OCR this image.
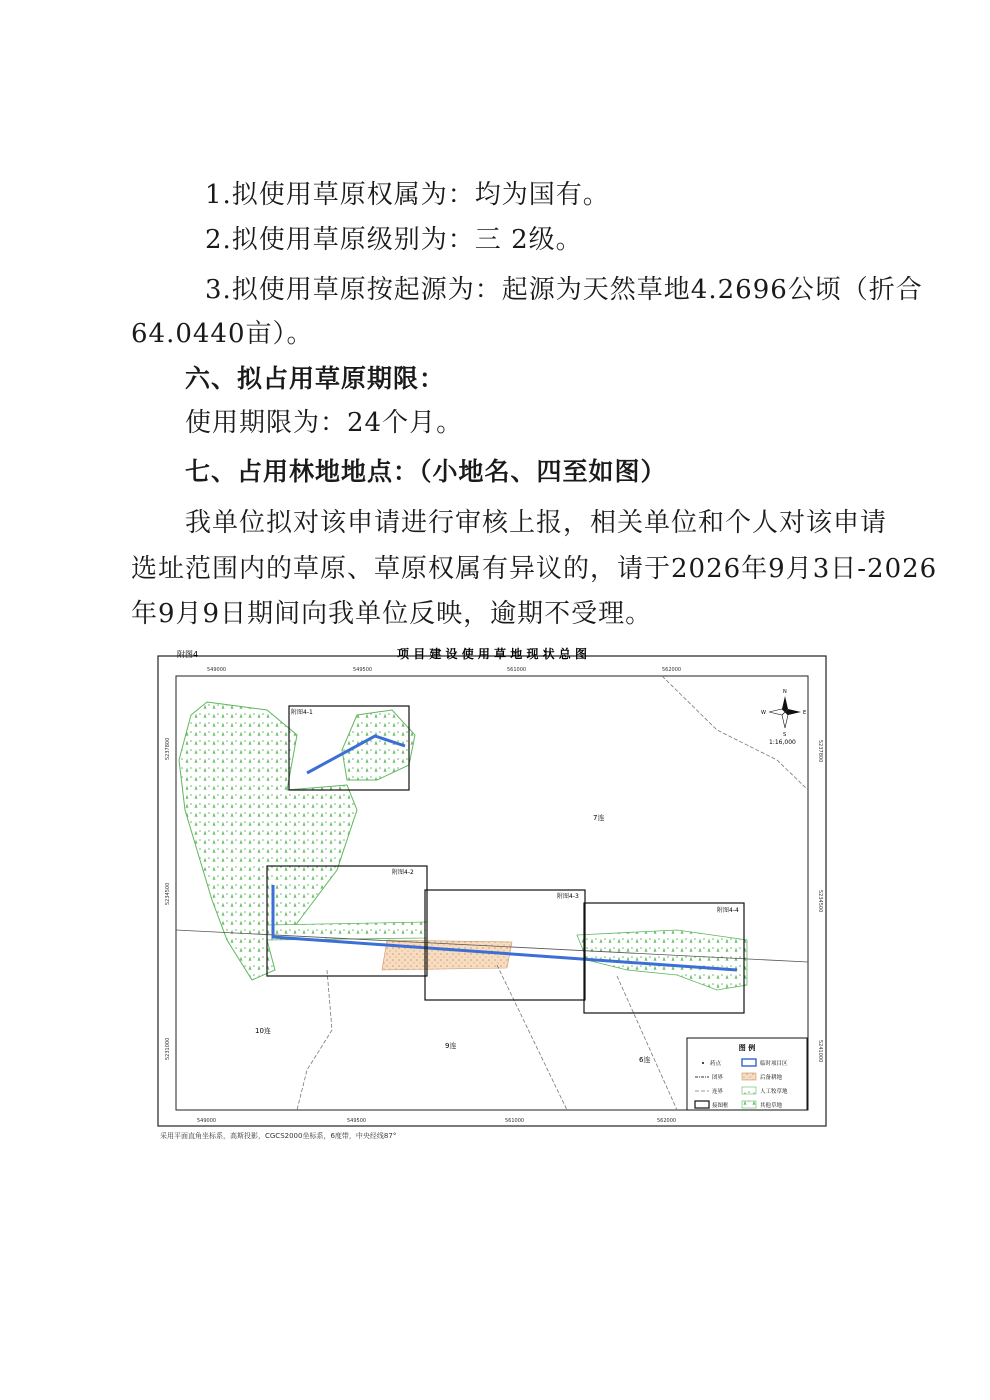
1.拟使用草原权属为：均为国有。
2.拟使用草原级别为：三 2级。
3.拟使用草原按起源为：起源为天然草地4.2696公顷（折合
64.0440亩）。
六、拟占用草原期限：
使用期限为：24个月。
七、占用林地地点：（小地名、四至如图）
我单位拟对该申请进行审核上报，相关单位和个人对该申请
选址范围内的草原、草原权属有异议的，请于2026年9月3日-2026
年9月9日期间向我单位反映，逾期不受理。
附图4	项 目 建 设 使 用 草 地 现 状 总 图
549000	549500	561000	562000
549000	549500	561000	562000
5237800
5234500
5231000
5237800
5234500
5241000
附图4-1
附图4-2
附图4-3
附图4-4
7连
10连
9连
6连
N
S
E
W
1:16,000
图 例
药点	临时项目区
团界	后备耕地
连界	人工牧草地
接图框	其他草地
采用平面直角坐标系，高斯投影，CGCS2000坐标系，6度带，中央经线87°
